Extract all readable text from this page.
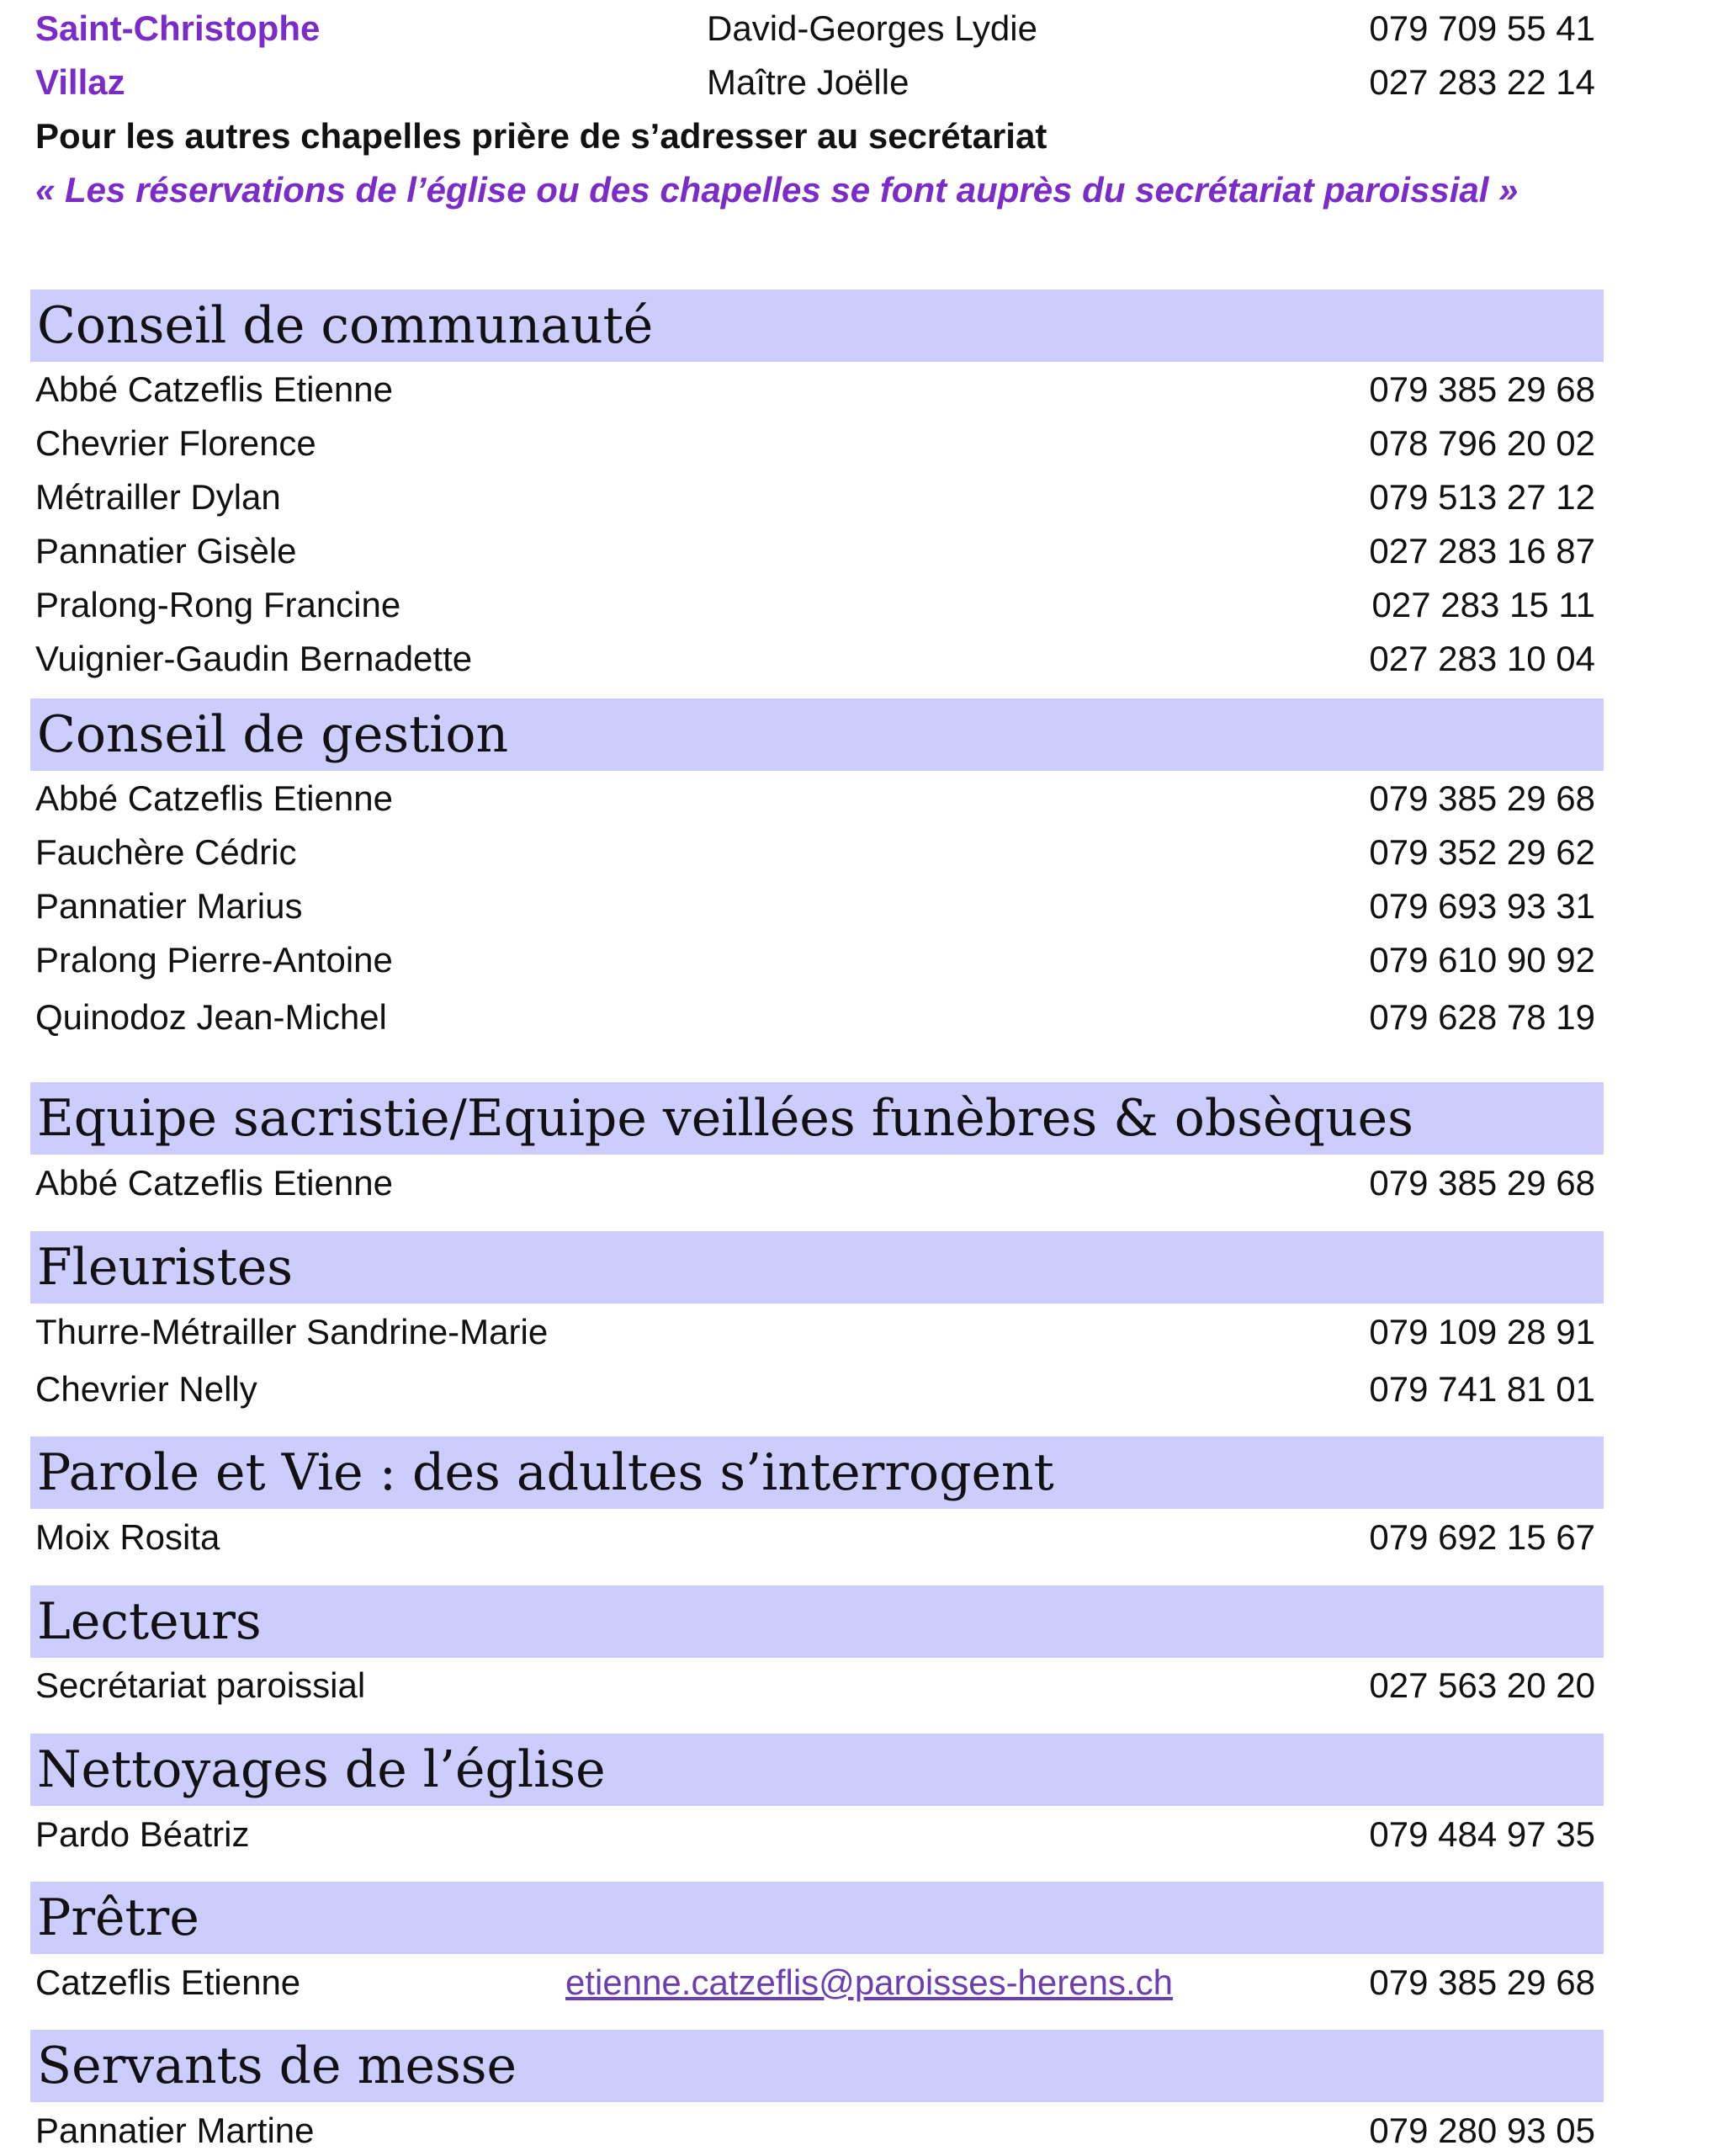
Saint-Christophe	David-Georges Lydie	079 709 55 41
Villaz	Maître Joëlle	027 283 22 14
Pour les autres chapelles prière de s’adresser au secrétariat
« Les réservations de l’église ou des chapelles se font auprès du secrétariat paroissial »
Conseil de communauté
Abbé Catzeflis Etienne	079 385 29 68
Chevrier Florence	078 796 20 02
Métrailler Dylan	079 513 27 12
Pannatier Gisèle	027 283 16 87
Pralong-Rong Francine	027 283 15 11
Vuignier-Gaudin Bernadette	027 283 10 04
Conseil de gestion
Abbé Catzeflis Etienne	079 385 29 68
Fauchère Cédric	079 352 29 62
Pannatier Marius	079 693 93 31
Pralong Pierre-Antoine	079 610 90 92
Quinodoz Jean-Michel	079 628 78 19
Equipe sacristie/Equipe veillées funèbres & obsèques
Abbé Catzeflis Etienne	079 385 29 68
Fleuristes
Thurre-Métrailler Sandrine-Marie	079 109 28 91
Chevrier Nelly	079 741 81 01
Parole et Vie : des adultes s’interrogent
Moix Rosita	079 692 15 67
Lecteurs
Secrétariat paroissial	027 563 20 20
Nettoyages de l’église
Pardo Béatriz	079 484 97 35
Prêtre
Catzeflis Etienne	etienne.catzeflis@paroisses-herens.ch	079 385 29 68
Servants de messe
Pannatier Martine	079 280 93 05
